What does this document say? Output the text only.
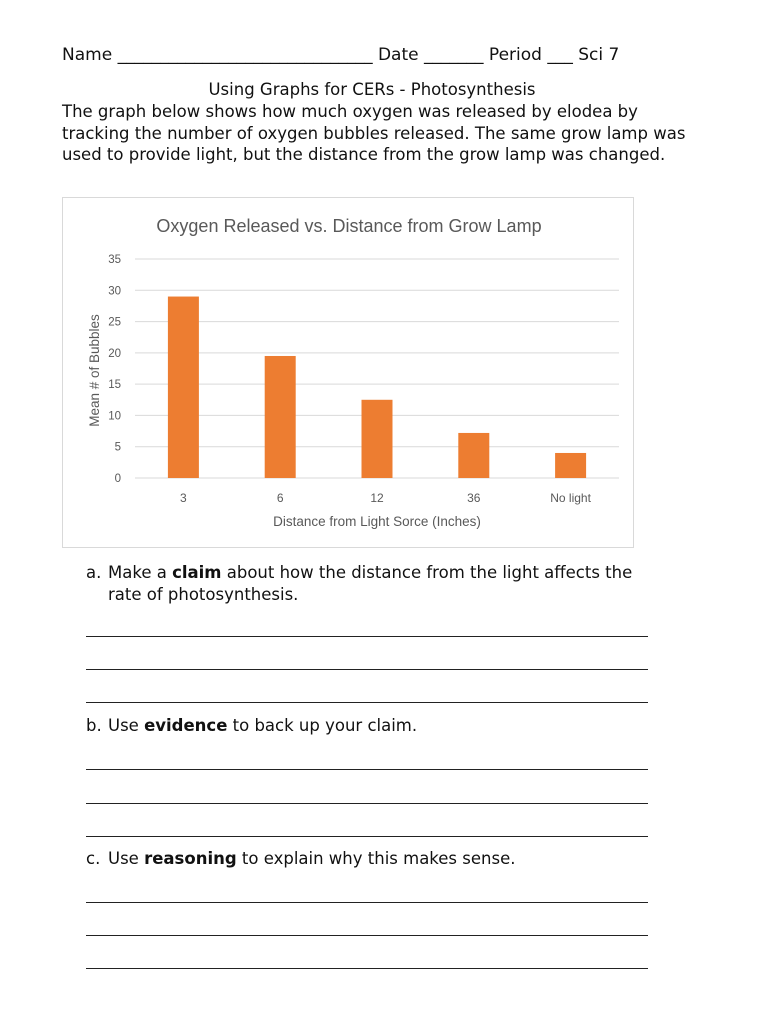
Name ______________________________ Date _______ Period ___ Sci 7
Using Graphs for CERs - Photosynthesis
The graph below shows how much oxygen was released by elodea by tracking the number of oxygen bubbles released. The same grow lamp was used to provide light, but the distance from the grow lamp was changed.
Oxygen Released vs. Distance from Grow Lamp
0
5
10
15
20
25
30
35
3	6	12	36	No light
Distance from Light Sorce (Inches)
Mean # of Bubbles
a. Make a claim about how the distance from the light affects the
rate of photosynthesis.
b. Use evidence to back up your claim.
c. Use reasoning to explain why this makes sense.
